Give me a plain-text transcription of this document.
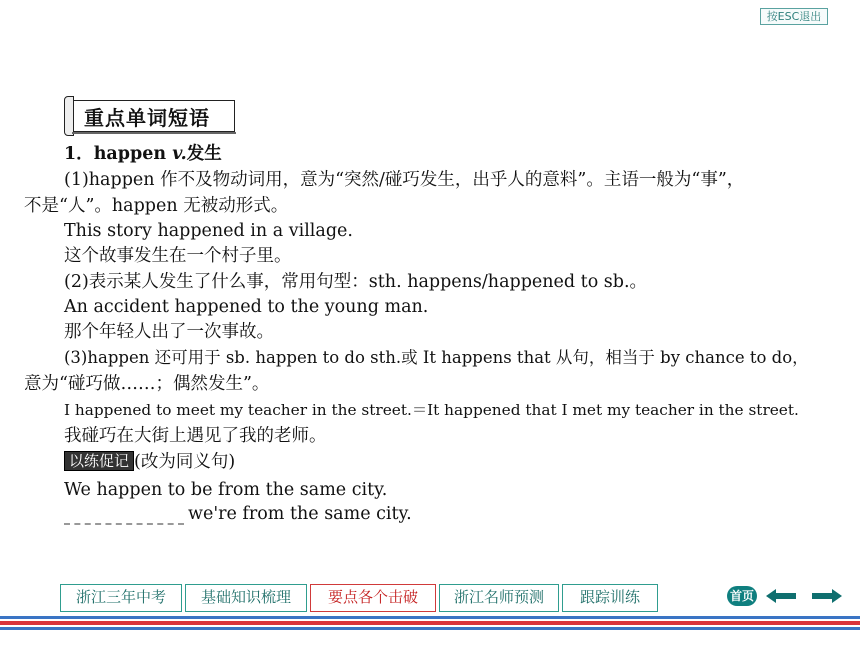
按ESC退出
重点单词短语
1．happen v.发生
(1)happen 作不及物动词用，意为“突然/碰巧发生，出乎人的意料”。主语一般为“事”，
不是“人”。happen 无被动形式。
This story happened in a village.
这个故事发生在一个村子里。
(2)表示某人发生了什么事，常用句型：sth. happens/happened to sb.。
An accident happened to the young man.
那个年轻人出了一次事故。
(3)happen 还可用于 sb. happen to do sth.或 It happens that 从句，相当于 by chance to do，
意为“碰巧做……；偶然发生”。
I happened to meet my teacher in the street.＝It happened that I met my teacher in the street.
我碰巧在大街上遇见了我的老师。
以练促记 (改为同义句)
We happen to be from the same city.
we're from the same city.
浙江三年中考	基础知识梳理	要点各个击破	浙江名师预测	跟踪训练	首页
